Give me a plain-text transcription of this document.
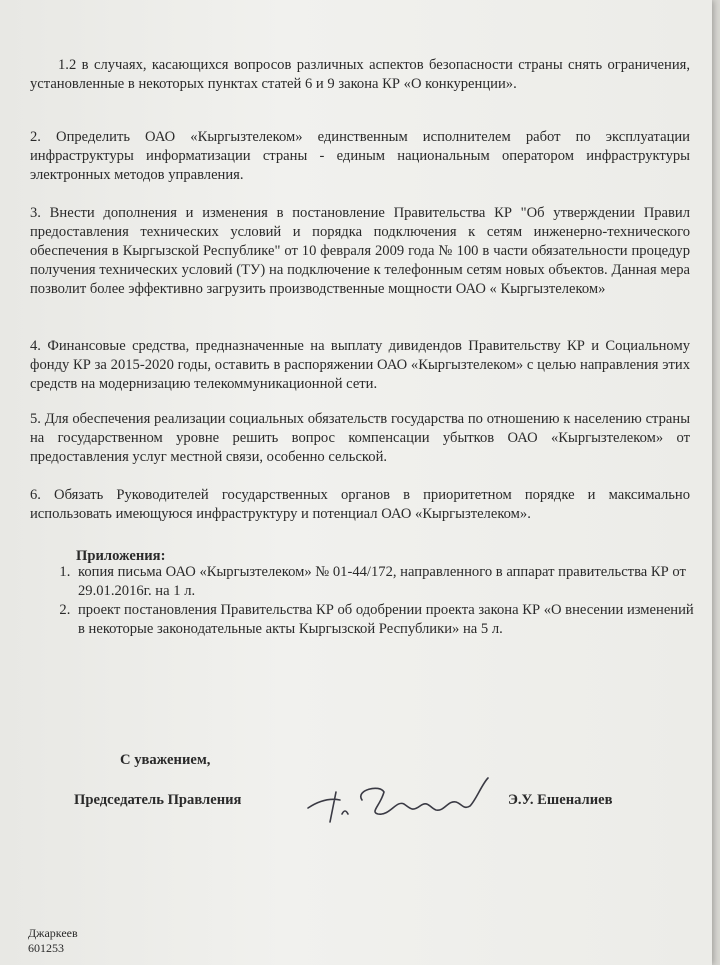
1.2 в случаях, касающихся вопросов различных аспектов безопасности страны снять ограничения, установленные в некоторых пунктах статей 6 и 9 закона КР «О конкуренции».
2. Определить ОАО «Кыргызтелеком» единственным исполнителем работ по эксплуатации инфраструктуры информатизации страны - единым национальным оператором инфраструктуры электронных методов управления.
3. Внести дополнения и изменения в постановление Правительства КР "Об утверждении Правил предоставления технических условий и порядка подключения к сетям инженерно-технического обеспечения в Кыргызской Республике" от 10 февраля 2009 года № 100 в части обязательности процедур получения технических условий (ТУ) на подключение к телефонным сетям новых объектов. Данная мера позволит более эффективно загрузить производственные мощности ОАО « Кыргызтелеком»
4. Финансовые средства, предназначенные на выплату дивидендов Правительству КР и Социальному фонду КР за 2015-2020 годы, оставить в распоряжении ОАО «Кыргызтелеком» с целью направления этих средств на модернизацию телекоммуникационной сети.
5. Для обеспечения реализации социальных обязательств государства по отношению к населению страны на государственном уровне решить вопрос компенсации убытков ОАО «Кыргызтелеком» от предоставления услуг местной связи, особенно сельской.
6. Обязать Руководителей государственных органов в приоритетном порядке и максимально использовать имеющуюся инфраструктуру и потенциал ОАО «Кыргызтелеком».
Приложения:
1. копия письма ОАО «Кыргызтелеком» № 01-44/172, направленного в аппарат правительства КР от 29.01.2016г. на 1 л.
2. проект постановления Правительства КР об одобрении проекта закона КР «О внесении изменений в некоторые законодательные акты Кыргызской Республики» на 5 л.
С уважением,
Председатель Правления	Э.У. Ешеналиев
Джаркеев
601253
